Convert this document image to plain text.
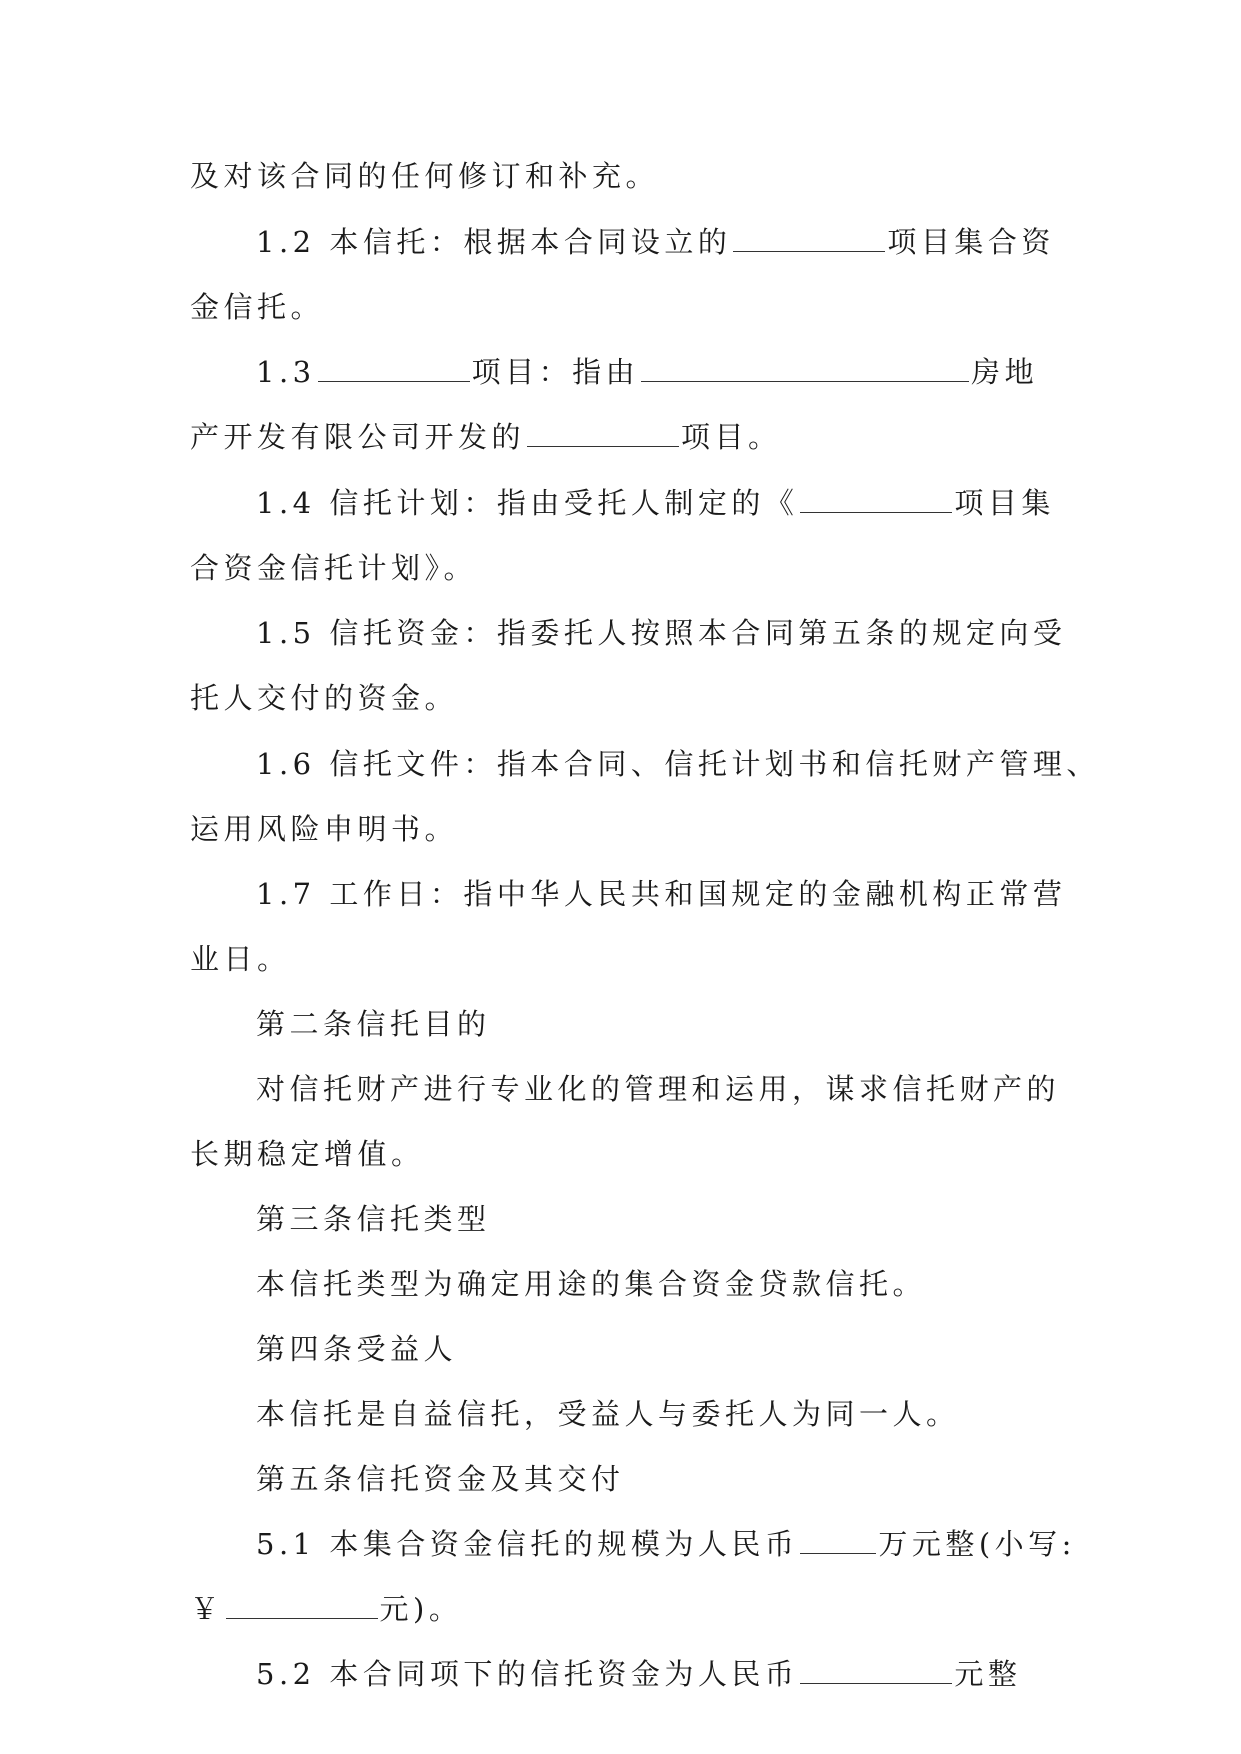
及对该合同的任何修订和补充。
1.2 本信托：根据本合同设立的	项目集合资
金信托。
1.3	项目：指由	房地
产开发有限公司开发的	项目。
1.4 信托计划：指由受托人制定的《	项目集
合资金信托计划》。
1.5 信托资金：指委托人按照本合同第五条的规定向受
托人交付的资金。
1.6 信托文件：指本合同、信托计划书和信托财产管理、
运用风险申明书。
1.7 工作日：指中华人民共和国规定的金融机构正常营
业日。
第二条信托目的
对信托财产进行专业化的管理和运用，谋求信托财产的
长期稳定增值。
第三条信托类型
本信托类型为确定用途的集合资金贷款信托。
第四条受益人
本信托是自益信托，受益人与委托人为同一人。
第五条信托资金及其交付
5.1 本集合资金信托的规模为人民币	万元整(小写:
￥	元)。
5.2 本合同项下的信托资金为人民币	元整
